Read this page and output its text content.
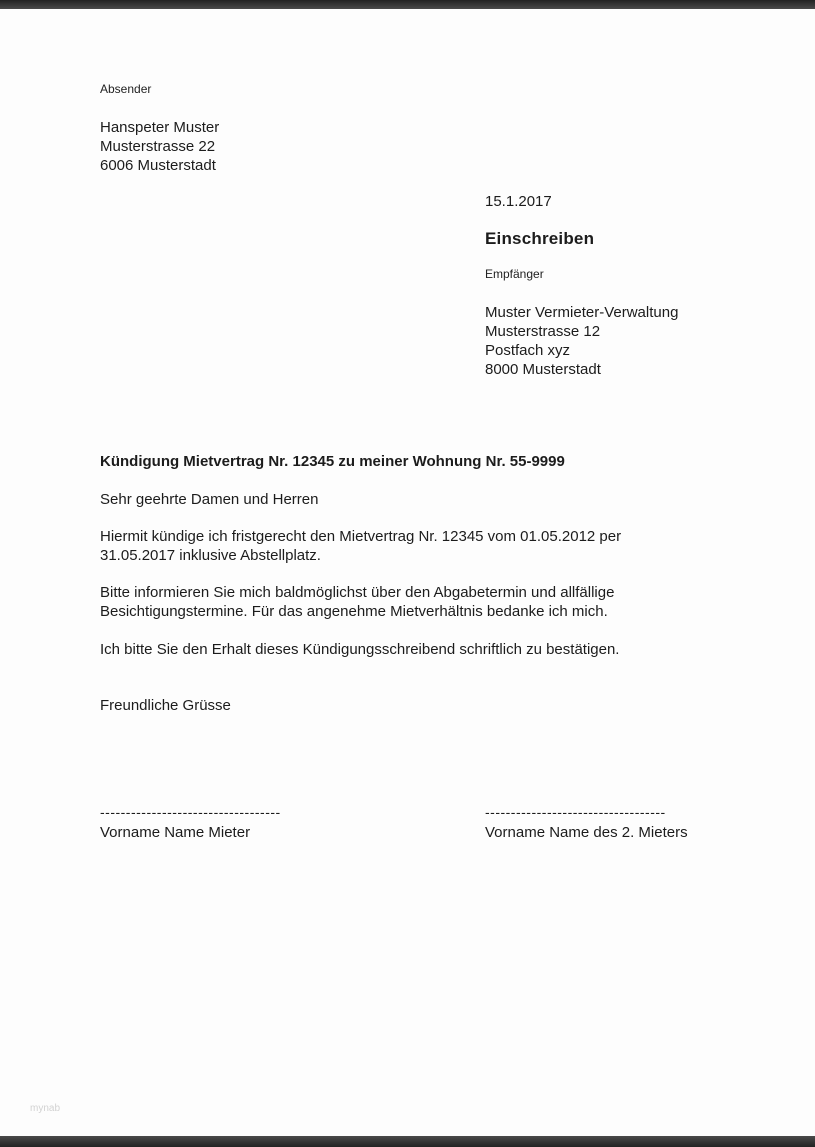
Absender
Hanspeter Muster
Musterstrasse 22
6006 Musterstadt
15.1.2017
Einschreiben
Empfänger
Muster Vermieter-Verwaltung
Musterstrasse 12
Postfach xyz
8000 Musterstadt
Kündigung Mietvertrag Nr. 12345 zu meiner Wohnung Nr. 55-9999
Sehr geehrte Damen und Herren
Hiermit kündige ich fristgerecht den Mietvertrag Nr. 12345 vom 01.05.2012 per 31.05.2017 inklusive Abstellplatz.
Bitte informieren Sie mich baldmöglichst über den Abgabetermin und allfällige Besichtigungstermine. Für das angenehme Mietverhältnis bedanke ich mich.
Ich bitte Sie den Erhalt dieses Kündigungsschreibend schriftlich zu bestätigen.
Freundliche Grüsse
-----------------------------------
Vorname Name Mieter
-----------------------------------
Vorname Name des 2. Mieters
mynab
